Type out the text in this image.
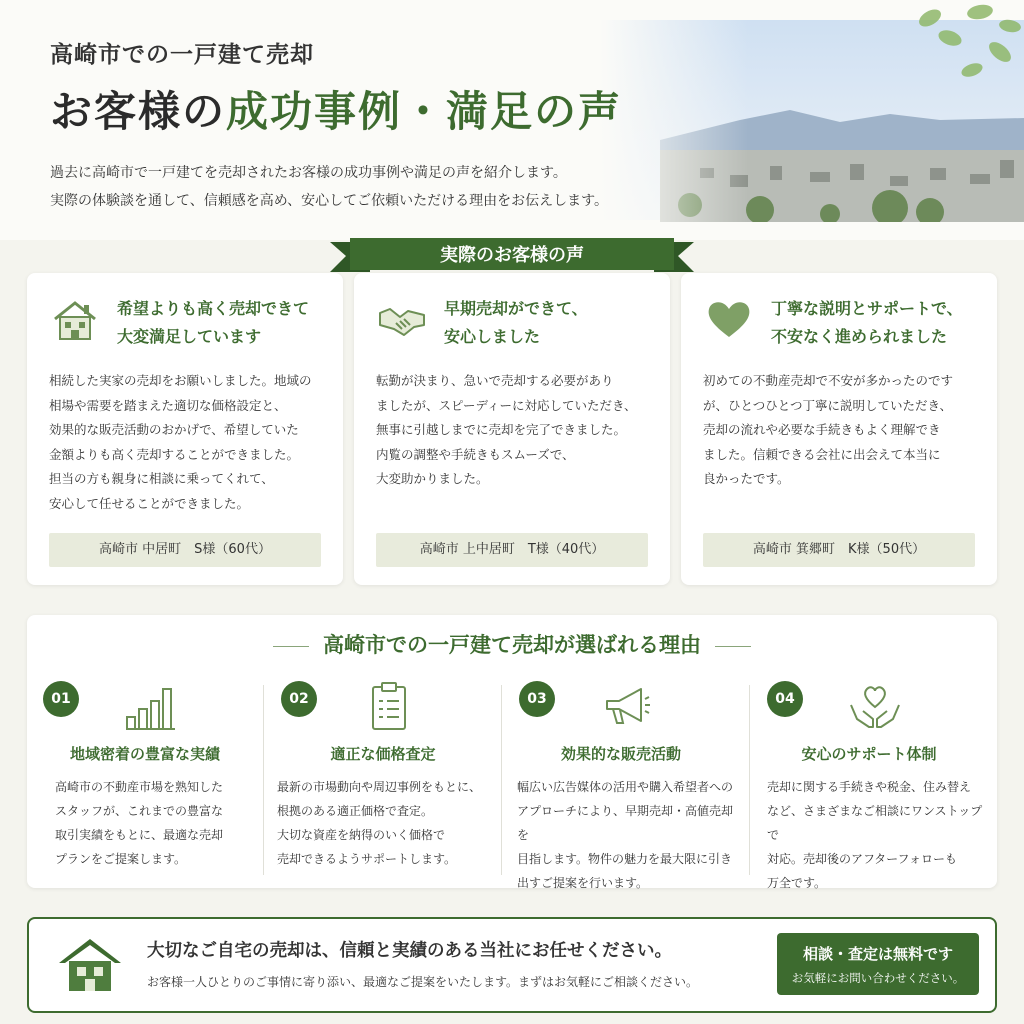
高崎市での一戸建て売却
お客様の成功事例・満足の声
過去に高崎市で一戸建てを売却されたお客様の成功事例や満足の声を紹介します。
実際の体験談を通して、信頼感を高め、安心してご依頼いただける理由をお伝えします。
実際のお客様の声
希望よりも高く売却できて
大変満足しています
相続した実家の売却をお願いしました。地域の
相場や需要を踏まえた適切な価格設定と、
効果的な販売活動のおかげで、希望していた
金額よりも高く売却することができました。
担当の方も親身に相談に乗ってくれて、
安心して任せることができました。
高崎市 中居町　S様（60代）
早期売却ができて、
安心しました
転勤が決まり、急いで売却する必要があり
ましたが、スピーディーに対応していただき、
無事に引越しまでに売却を完了できました。
内覧の調整や手続きもスムーズで、
大変助かりました。
高崎市 上中居町　T様（40代）
丁寧な説明とサポートで、
不安なく進められました
初めての不動産売却で不安が多かったのです
が、ひとつひとつ丁寧に説明していただき、
売却の流れや必要な手続きもよく理解でき
ました。信頼できる会社に出会えて本当に
良かったです。
高崎市 箕郷町　K様（50代）
高崎市での一戸建て売却が選ばれる理由
01
地域密着の豊富な実績
高崎市の不動産市場を熟知した
スタッフが、これまでの豊富な
取引実績をもとに、最適な売却
プランをご提案します。
02
適正な価格査定
最新の市場動向や周辺事例をもとに、
根拠のある適正価格で査定。
大切な資産を納得のいく価格で
売却できるようサポートします。
03
効果的な販売活動
幅広い広告媒体の活用や購入希望者への
アプローチにより、早期売却・高値売却を
目指します。物件の魅力を最大限に引き
出すご提案を行います。
04
安心のサポート体制
売却に関する手続きや税金、住み替え
など、さまざまなご相談にワンストップで
対応。売却後のアフターフォローも
万全です。
大切なご自宅の売却は、信頼と実績のある当社にお任せください。
お客様一人ひとりのご事情に寄り添い、最適なご提案をいたします。まずはお気軽にご相談ください。
相談・査定は無料です
お気軽にお問い合わせください。
